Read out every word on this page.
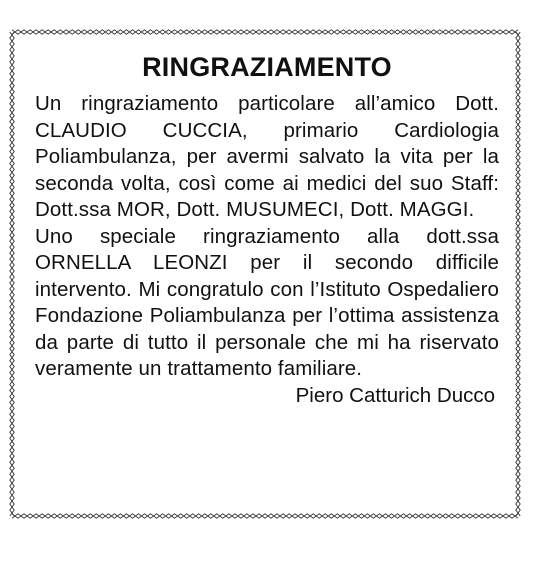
RINGRAZIAMENTO

Un ringraziamento particolare all’amico Dott. CLAUDIO CUCCIA, primario Cardiologia Poliambulanza, per avermi salvato la vita per la seconda volta, così come ai medici del suo Staff: Dott.ssa MOR, Dott. MUSUMECI, Dott. MAGGI.

Uno speciale ringraziamento alla dott.ssa ORNELLA LEONZI per il secondo difficile intervento. Mi congratulo con l’Istituto Ospedaliero Fondazione Poliambulanza per l’ottima assistenza da parte di tutto il personale che mi ha riservato veramente un trattamento familiare.

Piero Catturich Ducco
